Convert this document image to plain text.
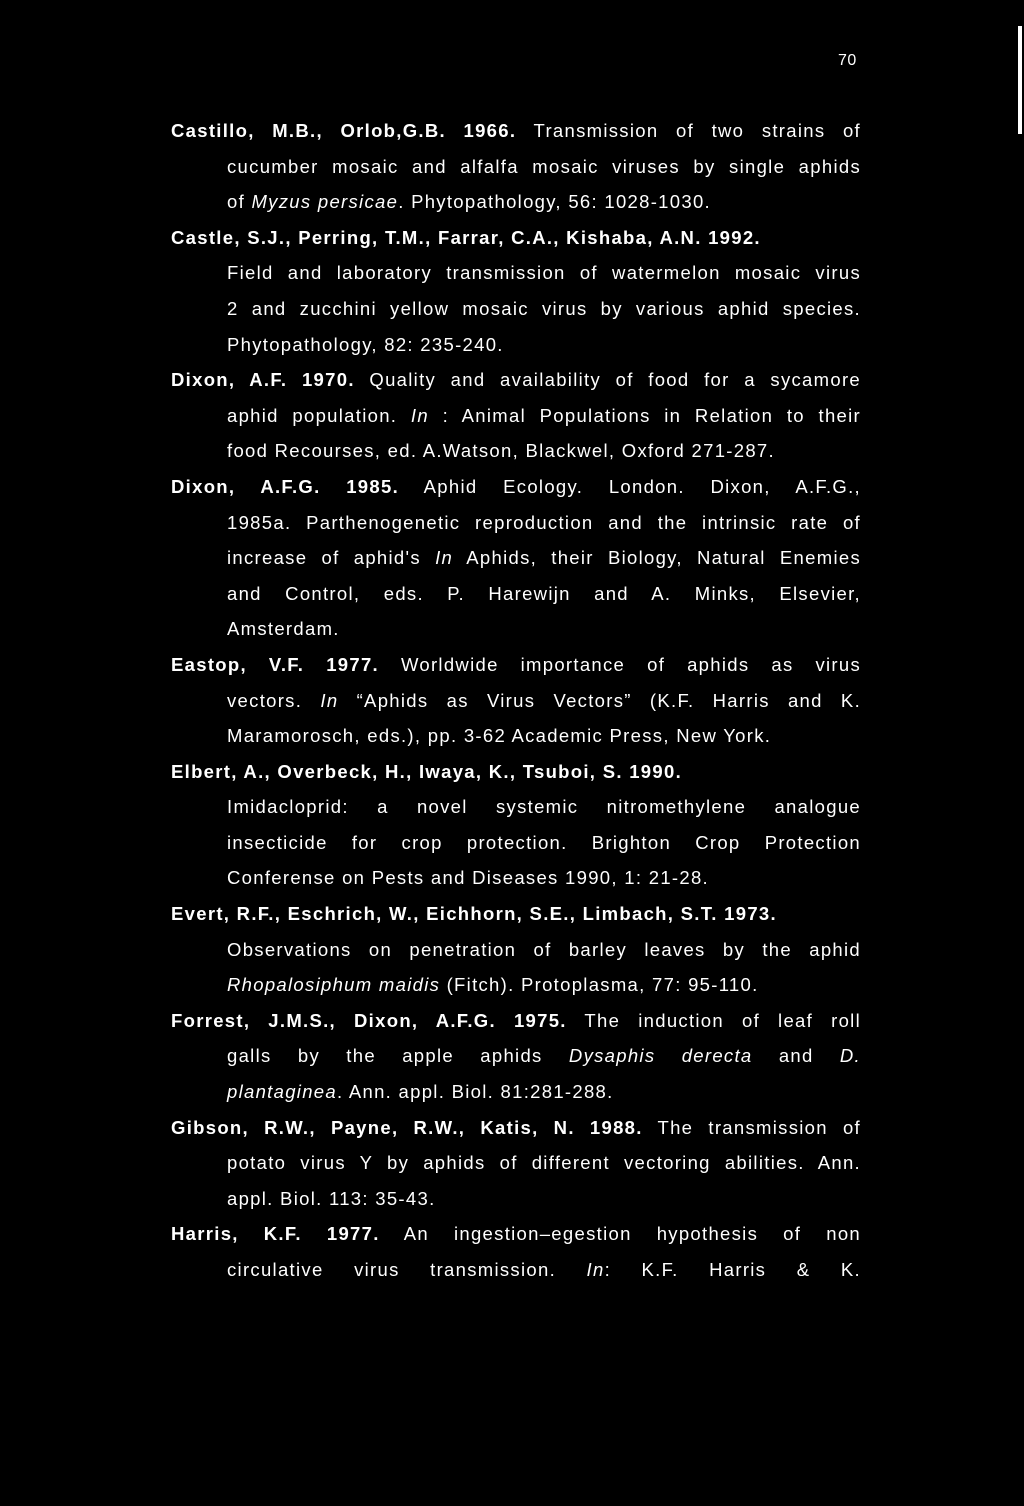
70
Castillo, M.B., Orlob,G.B. 1966. Transmission of two strains of
cucumber mosaic and alfalfa mosaic viruses by single aphids
of Myzus persicae. Phytopathology, 56: 1028-1030.
Castle, S.J., Perring, T.M., Farrar, C.A., Kishaba, A.N. 1992.
Field and laboratory transmission of watermelon mosaic virus
2 and zucchini yellow mosaic virus by various aphid species.
Phytopathology, 82: 235-240.
Dixon, A.F. 1970. Quality and availability of food for a sycamore
aphid population. In : Animal Populations in Relation to their
food Recourses, ed. A.Watson, Blackwel, Oxford 271-287.
Dixon, A.F.G. 1985. Aphid Ecology. London. Dixon, A.F.G.,
1985a. Parthenogenetic reproduction and the intrinsic rate of
increase of aphid's In Aphids, their Biology, Natural Enemies
and Control, eds. P. Harewijn and A. Minks, Elsevier,
Amsterdam.
Eastop, V.F. 1977. Worldwide importance of aphids as virus
vectors. In “Aphids as Virus Vectors” (K.F. Harris and K.
Maramorosch, eds.), pp. 3-62 Academic Press, New York.
Elbert, A., Overbeck, H., Iwaya, K., Tsuboi, S. 1990.
Imidacloprid: a novel systemic nitromethylene analogue
insecticide for crop protection. Brighton Crop Protection
Conferense on Pests and Diseases 1990, 1: 21-28.
Evert, R.F., Eschrich, W., Eichhorn, S.E., Limbach, S.T. 1973.
Observations on penetration of barley leaves by the aphid
Rhopalosiphum maidis (Fitch). Protoplasma, 77: 95-110.
Forrest, J.M.S., Dixon, A.F.G. 1975. The induction of leaf roll
galls by the apple aphids Dysaphis derecta and D.
plantaginea. Ann. appl. Biol. 81:281-288.
Gibson, R.W., Payne, R.W., Katis, N. 1988. The transmission of
potato virus Y by aphids of different vectoring abilities. Ann.
appl. Biol. 113: 35-43.
Harris, K.F. 1977. An ingestion–egestion hypothesis of non
circulative virus transmission. In: K.F. Harris & K.
